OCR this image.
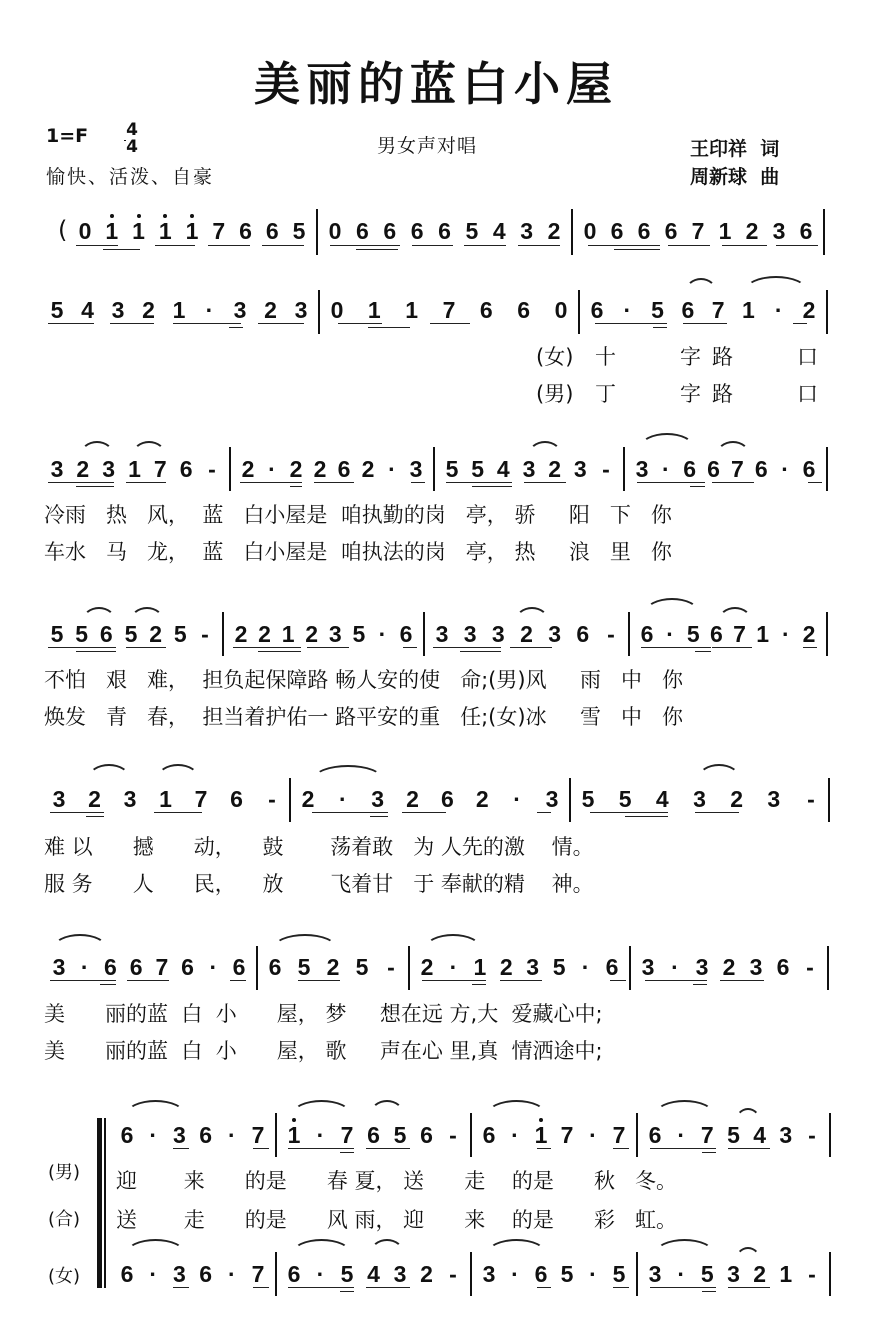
美丽的蓝白小屋
1=F 4
4
愉快、活泼、自豪
男女声对唱	王印祥  词
周新球  曲
( 0 1 1 1 1 7 6 6 5 0 6 6 6 6 5 4 3 2 0 6 6 6 7 1 2 3 6
5 4 3 2 1 · 3 2 3 0 1 1 7 6 6 0 6 · 5 6 7 1 · 2
(女) 十   字路   口
(男) 丁   字路   口
3 2 3 1 7 6 - 2 · 2 2 6 2 · 3 5 5 4 3 2 3 - 3 · 6 6 7 6 · 6
冷雨   热   风，  蓝   白小屋是  咱执勤的岗   亭， 骄     阳   下   你
车水   马   龙，  蓝   白小屋是  咱执法的岗   亭， 热     浪   里   你
5 5 6 5 2 5 - 2 2 1 2 3 5 · 6 3 3 3 2 3 6 - 6 · 5 6 7 1 · 2
不怕   艰   难，  担负起保障路 畅人安的使   命;(男)风     雨   中   你
焕发   青   春，  担当着护佑一 路平安的重   任;(女)冰     雪   中   你
3 2 3 1 7 6 - 2 · 3 2 6 2 · 3 5 5 4 3 2 3 -
难 以      撼      动，    鼓       荡着敢   为 人先的激    情。
服 务      人      民，    放       飞着甘   于 奉献的精    神。
3 · 6 6 7 6 · 6 6 5 2 5 - 2 · 1 2 3 5 · 6 3 · 3 2 3 6 -
美      丽的蓝  白  小      屋， 梦     想在远 方,大  爱藏心中;
美      丽的蓝  白  小      屋， 歌     声在心 里,真  情洒途中;
(男)
(合)
(女)
6 · 3 6 · 7 1 · 7 6 5 6 - 6 · 1 7 · 7 6 · 7 5 4 3 -
6 · 3 6 · 7 6 · 5 4 3 2 - 3 · 6 5 · 5 3 · 5 3 2 1 -
迎       来      的是      春 夏， 送      走    的是      秋   冬。
送       走      的是      风 雨， 迎      来    的是      彩   虹。
